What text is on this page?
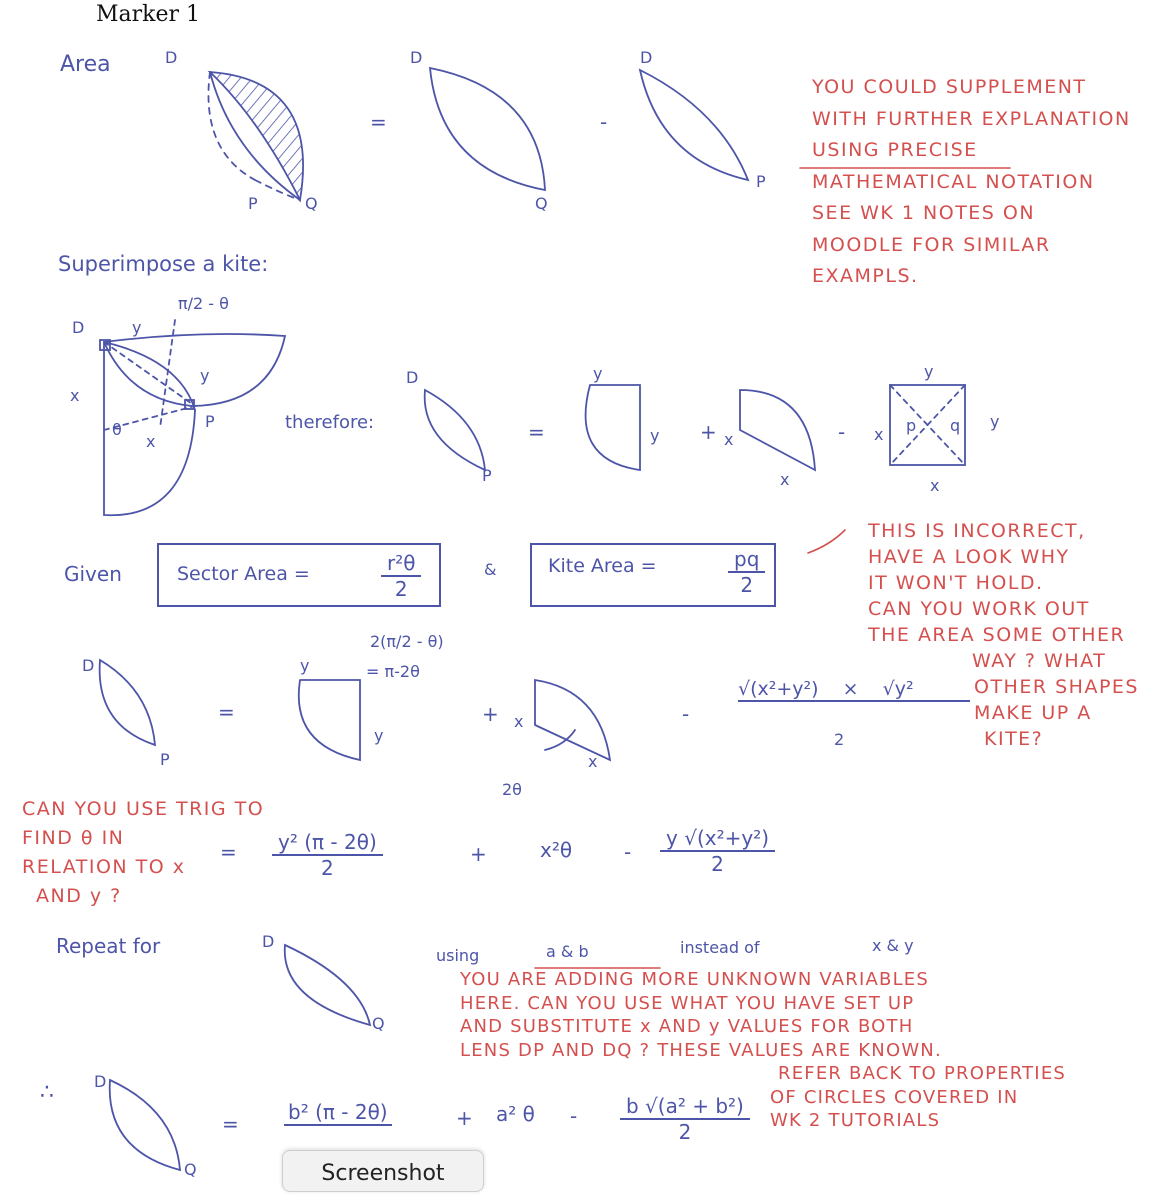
Marker 1
Area	D
P	Q
=
D
Q
-
D
P
YOU COULD SUPPLEMENT
WITH FURTHER EXPLANATION
USING PRECISE
MATHEMATICAL NOTATION
SEE WK 1 NOTES ON
MOODLE FOR SIMILAR
EXAMPLS.
Superimpose a kite:
π/2 - θ
D	y
y
x
θ
x
P	therefore:
D
P
=
y
y + x
x
-
y
x
y
x
p q
Given	Sector Area =	$\frac{\text{r²θ}}{2}$	&	Kite Area =	$\frac{pq}{2}$
THIS IS INCORRECT,
HAVE A LOOK WHY
IT WON'T HOLD.
CAN YOU WORK OUT
THE AREA SOME OTHER
WAY ? WHAT
OTHER SHAPES
MAKE UP A
KITE?
D
P
=
2(π/2 - θ)
= π-2θ
y
y
+ x
x
2θ
-
√(x²+y²) × √y²
2
CAN YOU USE TRIG TO
FIND θ IN
RELATION TO x
AND y ?
= $\frac{\text{y² (π - 2θ)}}{2}$	+	x²θ	- $\frac{\text{y √(x²+y²)}}{2}$
Repeat for	D
Q
using	a & b	instead of	x & y
YOU ARE ADDING MORE UNKNOWN VARIABLES
HERE. CAN YOU USE WHAT YOU HAVE SET UP
AND SUBSTITUTE x AND y VALUES FOR BOTH
LENS DP AND DQ ? THESE VALUES ARE KNOWN.
REFER BACK TO PROPERTIES
OF CIRCLES COVERED IN
WK 2 TUTORIALS
∴	D
Q
= b² (π - 2θ)	+ a² θ - $\frac{\text{b √(a² + b²)}}{2}$
Screenshot
